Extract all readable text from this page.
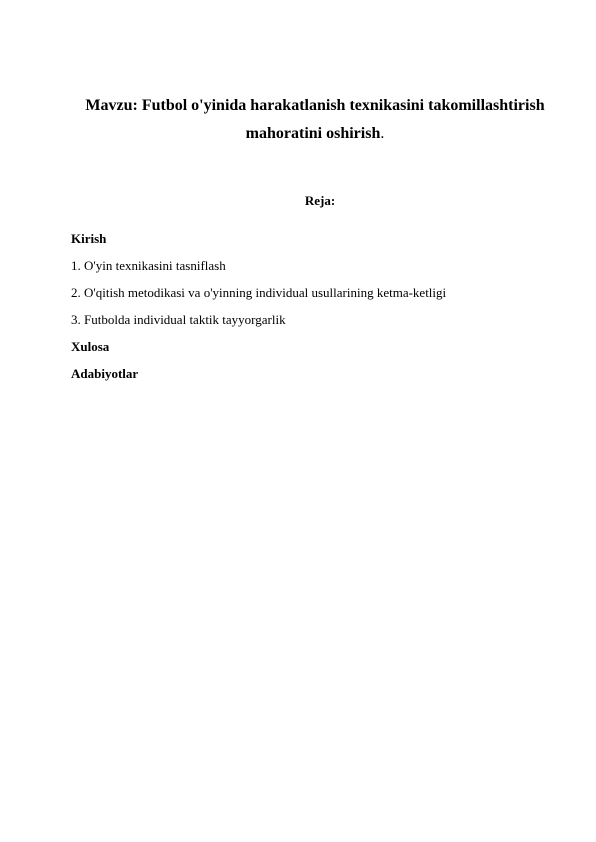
Mavzu: Futbol o'yinida harakatlanish texnikasini takomillashtirish mahoratini oshirish.
Reja:
Kirish
1. O'yin texnikasini tasniflash
2. O'qitish metodikasi va o'yinning individual usullarining ketma-ketligi
3. Futbolda individual taktik tayyorgarlik
Xulosa
Adabiyotlar
